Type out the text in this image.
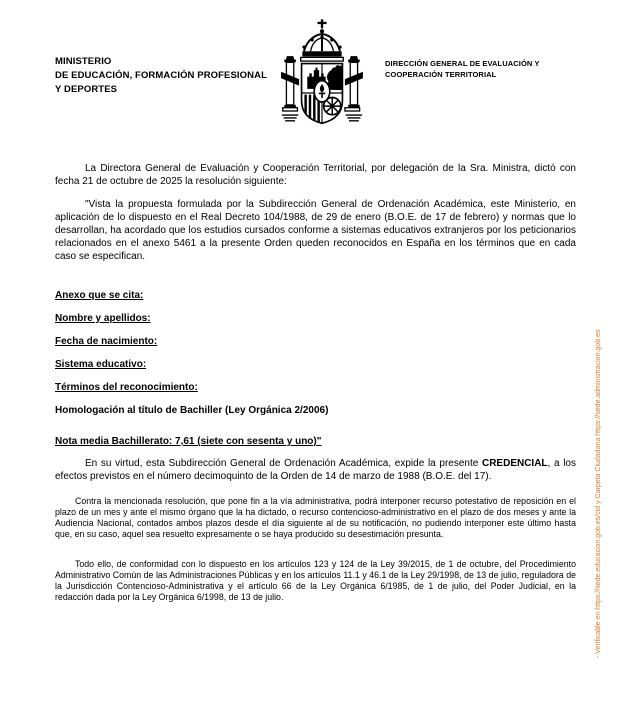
MINISTERIO
DE EDUCACIÓN, FORMACIÓN PROFESIONAL
Y DEPORTES
DIRECCIÓN GENERAL DE EVALUACIÓN Y
COOPERACIÓN TERRITORIAL

La Directora General de Evaluación y Cooperación Territorial, por delegación de la Sra. Ministra, dictó con fecha 21 de octubre de 2025 la resolución siguiente:

"Vista la propuesta formulada por la Subdirección General de Ordenación Académica, este Ministerio, en aplicación de lo dispuesto en el Real Decreto 104/1988, de 29 de enero (B.O.E. de 17 de febrero) y normas que lo desarrollan, ha acordado que los estudios cursados conforme a sistemas educativos extranjeros por los peticionarios relacionados en el anexo 5461 a la presente Orden queden reconocidos en España en los términos que en cada caso se especifican.

Anexo que se cita:

Nombre y apellidos:

Fecha de nacimiento:

Sistema educativo:

Términos del reconocimiento:

Homologación al título de Bachiller (Ley Orgánica 2/2006)

Nota media Bachillerato: 7,61 (siete con sesenta y uno)"

En su virtud, esta Subdirección General de Ordenación Académica, expide la presente CREDENCIAL, a los efectos previstos en el número decimoquinto de la Orden de 14 de marzo de 1988 (B.O.E. del 17).

Contra la mencionada resolución, que pone fin a la vía administrativa, podrá interponer recurso potestativo de reposición en el plazo de un mes y ante el mismo órgano que la ha dictado, o recurso contencioso-administrativo en el plazo de dos meses y ante la Audiencia Nacional, contados ambos plazos desde el día siguiente al de su notificación, no pudiendo interponer este último hasta que, en su caso, aquel sea resuelto expresamente o se haya producido su desestimación presunta.

Todo ello, de conformidad con lo dispuesto en los artículos 123 y 124 de la Ley 39/2015, de 1 de octubre, del Procedimiento Administrativo Común de las Administraciones Públicas y en los artículos 11.1 y 46.1 de la Ley 29/1998, de 13 de julio, reguladora de la Jurisdicción Contencioso-Administrativa y el artículo 66 de la Ley Orgánica 6/1985, de 1 de julio, del Poder Judicial, en la redacción dada por la Ley Orgánica 6/1998, de 13 de julio.	- Verificable en https://sede.educacion.gob.es/cid y Carpeta Ciudadana https://sede.administracion.gob.es
